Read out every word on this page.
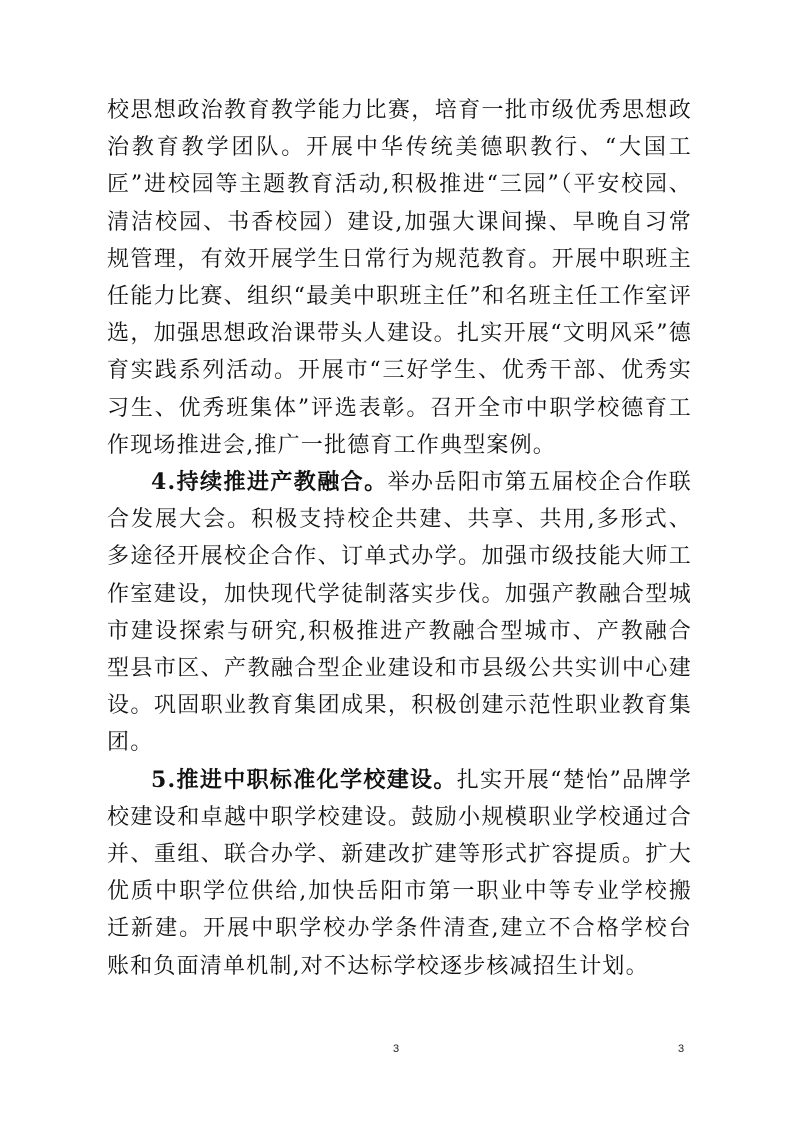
校思想政治教育教学能力比赛，培育一批市级优秀思想政治教育教学团队。开展中华传统美德职教行、“大国工匠”进校园等主题教育活动,积极推进“三园”（平安校园、清洁校园、书香校园）建设,加强大课间操、早晚自习常规管理，有效开展学生日常行为规范教育。开展中职班主任能力比赛、组织“最美中职班主任”和名班主任工作室评选，加强思想政治课带头人建设。扎实开展“文明风采”德育实践系列活动。开展市“三好学生、优秀干部、优秀实习生、优秀班集体”评选表彰。召开全市中职学校德育工作现场推进会,推广一批德育工作典型案例。

4.持续推进产教融合。举办岳阳市第五届校企合作联合发展大会。积极支持校企共建、共享、共用,多形式、多途径开展校企合作、订单式办学。加强市级技能大师工作室建设，加快现代学徒制落实步伐。加强产教融合型城市建设探索与研究,积极推进产教融合型城市、产教融合型县市区、产教融合型企业建设和市县级公共实训中心建设。巩固职业教育集团成果，积极创建示范性职业教育集团。

5.推进中职标准化学校建设。扎实开展“楚怡”品牌学校建设和卓越中职学校建设。鼓励小规模职业学校通过合并、重组、联合办学、新建改扩建等形式扩容提质。扩大优质中职学位供给,加快岳阳市第一职业中等专业学校搬迁新建。开展中职学校办学条件清查,建立不合格学校台账和负面清单机制,对不达标学校逐步核减招生计划。

3	3
